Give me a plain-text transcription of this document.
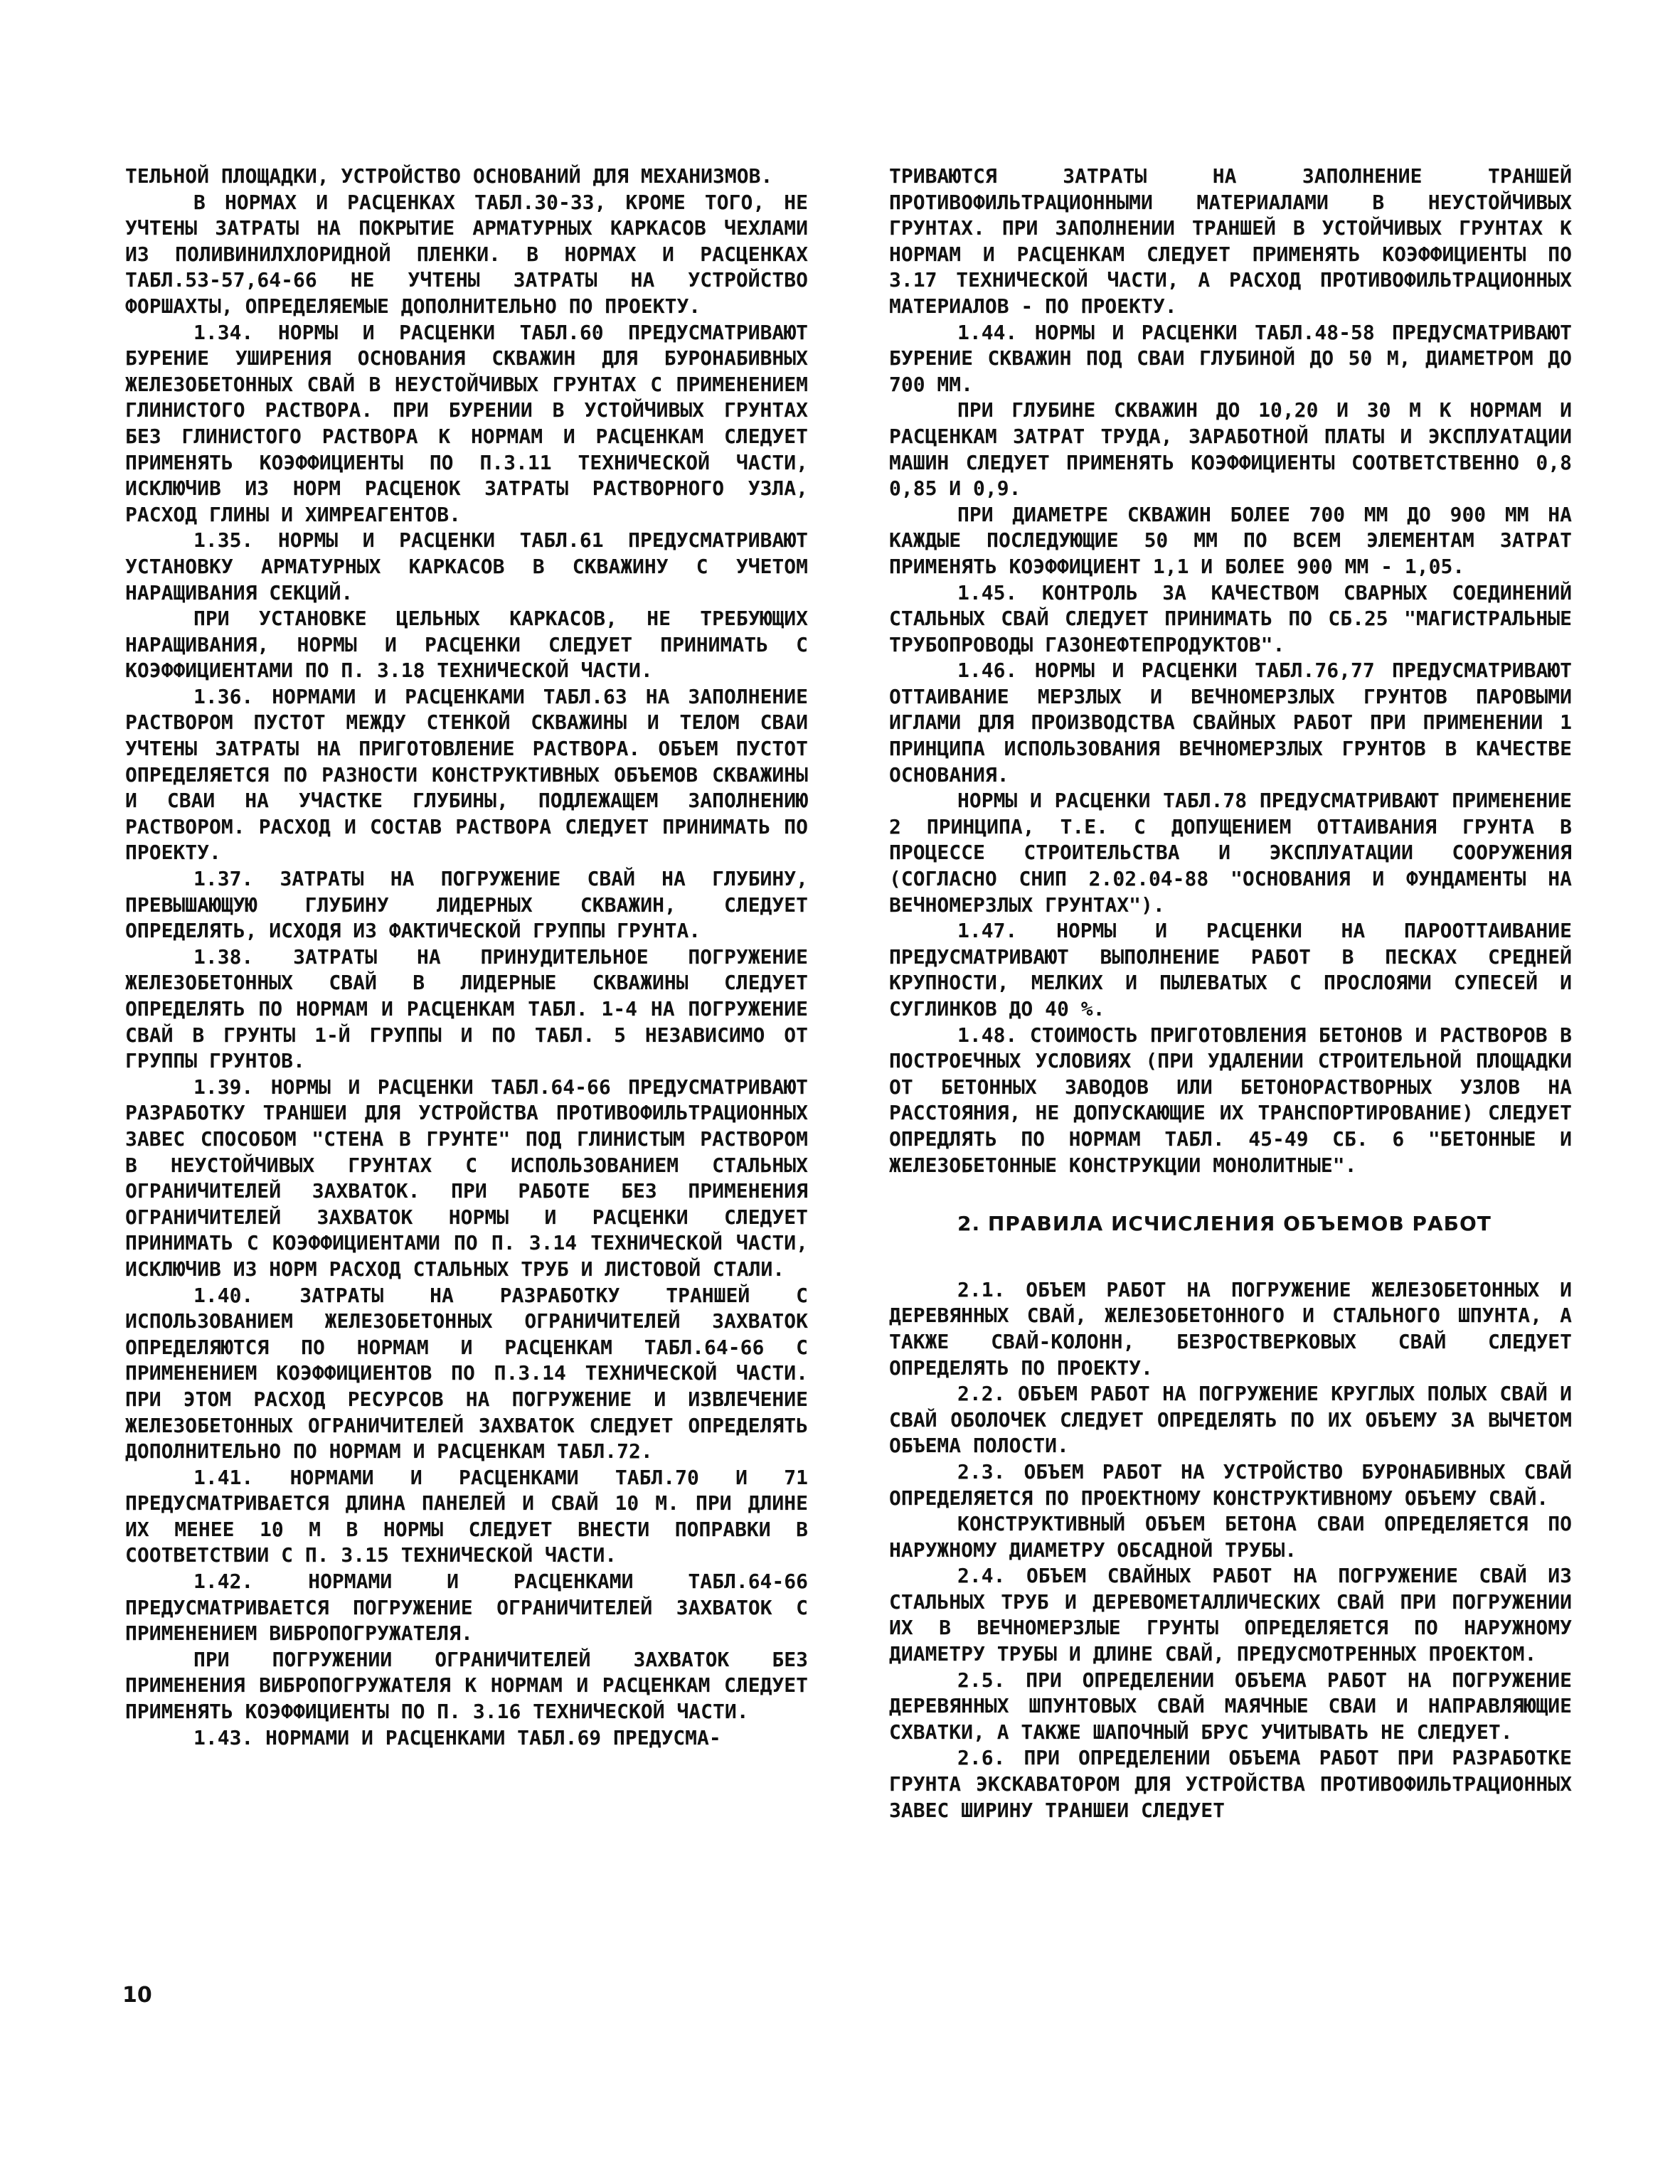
ТЕЛЬНОЙ ПЛОЩАДКИ, УСТРОЙСТВО ОСНОВАНИЙ ДЛЯ МЕХАНИЗМОВ.

В НОРМАХ И РАСЦЕНКАХ ТАБЛ.30-33, КРОМЕ ТОГО, НЕ УЧТЕНЫ ЗАТРАТЫ НА ПОКРЫТИЕ АРМАТУРНЫХ КАРКАСОВ ЧЕХЛАМИ ИЗ ПОЛИВИНИЛХЛОРИДНОЙ ПЛЕНКИ. В НОРМАХ И РАСЦЕНКАХ ТАБЛ.53-57,64-66 НЕ УЧТЕНЫ ЗАТРАТЫ НА УСТРОЙСТВО ФОРШАХТЫ, ОПРЕДЕЛЯЕМЫЕ ДОПОЛНИТЕЛЬНО ПО ПРОЕКТУ.

1.34. НОРМЫ И РАСЦЕНКИ ТАБЛ.60 ПРЕДУСМАТРИВАЮТ БУРЕНИЕ УШИРЕНИЯ ОСНОВАНИЯ СКВАЖИН ДЛЯ БУРОНАБИВНЫХ ЖЕЛЕЗОБЕТОННЫХ СВАЙ В НЕУСТОЙЧИВЫХ ГРУНТАХ С ПРИМЕНЕНИЕМ ГЛИНИСТОГО РАСТВОРА. ПРИ БУРЕНИИ В УСТОЙЧИВЫХ ГРУНТАХ БЕЗ ГЛИНИСТОГО РАСТВОРА К НОРМАМ И РАСЦЕНКАМ СЛЕДУЕТ ПРИМЕНЯТЬ КОЭФФИЦИЕНТЫ ПО П.3.11 ТЕХНИЧЕСКОЙ ЧАСТИ, ИСКЛЮЧИВ ИЗ НОРМ РАСЦЕНОК ЗАТРАТЫ РАСТВОРНОГО УЗЛА, РАСХОД ГЛИНЫ И ХИМРЕАГЕНТОВ.

1.35. НОРМЫ И РАСЦЕНКИ ТАБЛ.61 ПРЕДУСМАТРИВАЮТ УСТАНОВКУ АРМАТУРНЫХ КАРКАСОВ В СКВАЖИНУ С УЧЕТОМ НАРАЩИВАНИЯ СЕКЦИЙ.

ПРИ УСТАНОВКЕ ЦЕЛЬНЫХ КАРКАСОВ, НЕ ТРЕБУЮЩИХ НАРАЩИВАНИЯ, НОРМЫ И РАСЦЕНКИ СЛЕДУЕТ ПРИНИМАТЬ С КОЭФФИЦИЕНТАМИ ПО П. 3.18 ТЕХНИЧЕСКОЙ ЧАСТИ.

1.36. НОРМАМИ И РАСЦЕНКАМИ ТАБЛ.63 НА ЗАПОЛНЕНИЕ РАСТВОРОМ ПУСТОТ МЕЖДУ СТЕНКОЙ СКВАЖИНЫ И ТЕЛОМ СВАИ УЧТЕНЫ ЗАТРАТЫ НА ПРИГОТОВЛЕНИЕ РАСТВОРА. ОБЪЕМ ПУСТОТ ОПРЕДЕЛЯЕТСЯ ПО РАЗНОСТИ КОНСТРУКТИВНЫХ ОБЪЕМОВ СКВАЖИНЫ И СВАИ НА УЧАСТКЕ ГЛУБИНЫ, ПОДЛЕЖАЩЕМ ЗАПОЛНЕНИЮ РАСТВОРОМ. РАСХОД И СОСТАВ РАСТВОРА СЛЕДУЕТ ПРИНИМАТЬ ПО ПРОЕКТУ.

1.37. ЗАТРАТЫ НА ПОГРУЖЕНИЕ СВАЙ НА ГЛУБИНУ, ПРЕВЫШАЮЩУЮ ГЛУБИНУ ЛИДЕРНЫХ СКВАЖИН, СЛЕДУЕТ ОПРЕДЕЛЯТЬ, ИСХОДЯ ИЗ ФАКТИЧЕСКОЙ ГРУППЫ ГРУНТА.

1.38. ЗАТРАТЫ НА ПРИНУДИТЕЛЬНОЕ ПОГРУЖЕНИЕ ЖЕЛЕЗОБЕТОННЫХ СВАЙ В ЛИДЕРНЫЕ СКВАЖИНЫ СЛЕДУЕТ ОПРЕДЕЛЯТЬ ПО НОРМАМ И РАСЦЕНКАМ ТАБЛ. 1-4 НА ПОГРУЖЕНИЕ СВАЙ В ГРУНТЫ 1-Й ГРУППЫ И ПО ТАБЛ. 5 НЕЗАВИСИМО ОТ ГРУППЫ ГРУНТОВ.

1.39. НОРМЫ И РАСЦЕНКИ ТАБЛ.64-66 ПРЕДУСМАТРИВАЮТ РАЗРАБОТКУ ТРАНШЕИ ДЛЯ УСТРОЙСТВА ПРОТИВОФИЛЬТРАЦИОННЫХ ЗАВЕС СПОСОБОМ "СТЕНА В ГРУНТЕ" ПОД ГЛИНИСТЫМ РАСТВОРОМ В НЕУСТОЙЧИВЫХ ГРУНТАХ С ИСПОЛЬЗОВАНИЕМ СТАЛЬНЫХ ОГРАНИЧИТЕЛЕЙ ЗАХВАТОК. ПРИ РАБОТЕ БЕЗ ПРИМЕНЕНИЯ ОГРАНИЧИТЕЛЕЙ ЗАХВАТОК НОРМЫ И РАСЦЕНКИ СЛЕДУЕТ ПРИНИМАТЬ С КОЭФФИЦИЕНТАМИ ПО П. 3.14 ТЕХНИЧЕСКОЙ ЧАСТИ, ИСКЛЮЧИВ ИЗ НОРМ РАСХОД СТАЛЬНЫХ ТРУБ И ЛИСТОВОЙ СТАЛИ.

1.40. ЗАТРАТЫ НА РАЗРАБОТКУ ТРАНШЕЙ С ИСПОЛЬЗОВАНИЕМ ЖЕЛЕЗОБЕТОННЫХ ОГРАНИЧИТЕЛЕЙ ЗАХВАТОК ОПРЕДЕЛЯЮТСЯ ПО НОРМАМ И РАСЦЕНКАМ ТАБЛ.64-66 С ПРИМЕНЕНИЕМ КОЭФФИЦИЕНТОВ ПО П.3.14 ТЕХНИЧЕСКОЙ ЧАСТИ. ПРИ ЭТОМ РАСХОД РЕСУРСОВ НА ПОГРУЖЕНИЕ И ИЗВЛЕЧЕНИЕ ЖЕЛЕЗОБЕТОННЫХ ОГРАНИЧИТЕЛЕЙ ЗАХВАТОК СЛЕДУЕТ ОПРЕДЕЛЯТЬ ДОПОЛНИТЕЛЬНО ПО НОРМАМ И РАСЦЕНКАМ ТАБЛ.72.

1.41. НОРМАМИ И РАСЦЕНКАМИ ТАБЛ.70 И 71 ПРЕДУСМАТРИВАЕТСЯ ДЛИНА ПАНЕЛЕЙ И СВАЙ 10 М. ПРИ ДЛИНЕ ИХ МЕНЕЕ 10 М В НОРМЫ СЛЕДУЕТ ВНЕСТИ ПОПРАВКИ В СООТВЕТСТВИИ С П. 3.15 ТЕХНИЧЕСКОЙ ЧАСТИ.

1.42.	НОРМАМИ И РАСЦЕНКАМИ ТАБЛ.64-66 ПРЕДУСМАТРИВАЕТСЯ ПОГРУЖЕНИЕ ОГРАНИЧИТЕЛЕЙ ЗАХВАТОК С ПРИМЕНЕНИЕМ ВИБРОПОГРУЖАТЕЛЯ.

ПРИ ПОГРУЖЕНИИ ОГРАНИЧИТЕЛЕЙ ЗАХВАТОК БЕЗ ПРИМЕНЕНИЯ ВИБРОПОГРУЖАТЕЛЯ К НОРМАМ И РАСЦЕНКАМ СЛЕДУЕТ ПРИМЕНЯТЬ КОЭФФИЦИЕНТЫ ПО П. 3.16 ТЕХНИЧЕСКОЙ ЧАСТИ.

1.43. НОРМАМИ И РАСЦЕНКАМИ ТАБЛ.69 ПРЕДУСМА-

ТРИВАЮТСЯ ЗАТРАТЫ НА ЗАПОЛНЕНИЕ ТРАНШЕЙ ПРОТИВОФИЛЬТРАЦИОННЫМИ МАТЕРИАЛАМИ В НЕУСТОЙЧИВЫХ ГРУНТАХ. ПРИ ЗАПОЛНЕНИИ ТРАНШЕЙ В УСТОЙЧИВЫХ ГРУНТАХ К НОРМАМ И РАСЦЕНКАМ СЛЕДУЕТ ПРИМЕНЯТЬ КОЭФФИЦИЕНТЫ ПО 3.17 ТЕХНИЧЕСКОЙ ЧАСТИ, А РАСХОД ПРОТИВОФИЛЬТРАЦИОННЫХ МАТЕРИАЛОВ - ПО ПРОЕКТУ.

1.44. НОРМЫ И РАСЦЕНКИ ТАБЛ.48-58 ПРЕДУСМАТРИВАЮТ БУРЕНИЕ СКВАЖИН ПОД СВАИ ГЛУБИНОЙ ДО 50 М, ДИАМЕТРОМ ДО 700 ММ.

ПРИ ГЛУБИНЕ СКВАЖИН ДО 10,20 И 30 М К НОРМАМ И РАСЦЕНКАМ ЗАТРАТ ТРУДА, ЗАРАБОТНОЙ ПЛАТЫ И ЭКСПЛУАТАЦИИ МАШИН СЛЕДУЕТ ПРИМЕНЯТЬ КОЭФФИЦИЕНТЫ СООТВЕТСТВЕННО 0,8 0,85 И 0,9.

ПРИ ДИАМЕТРЕ СКВАЖИН БОЛЕЕ 700 ММ ДО 900 ММ НА КАЖДЫЕ ПОСЛЕДУЮЩИЕ 50 ММ ПО ВСЕМ ЭЛЕМЕНТАМ ЗАТРАТ ПРИМЕНЯТЬ КОЭФФИЦИЕНТ 1,1 И БОЛЕЕ 900 ММ - 1,05.

1.45. КОНТРОЛЬ ЗА КАЧЕСТВОМ СВАРНЫХ СОЕДИНЕНИЙ СТАЛЬНЫХ СВАЙ СЛЕДУЕТ ПРИНИМАТЬ ПО СБ.25 "МАГИСТРАЛЬНЫЕ ТРУБОПРОВОДЫ ГАЗОНЕФТЕПРОДУКТОВ".

1.46. НОРМЫ И РАСЦЕНКИ ТАБЛ.76,77 ПРЕДУСМАТРИВАЮТ ОТТАИВАНИЕ МЕРЗЛЫХ И ВЕЧНОМЕРЗЛЫХ ГРУНТОВ ПАРОВЫМИ ИГЛАМИ ДЛЯ ПРОИЗВОДСТВА СВАЙНЫХ РАБОТ ПРИ ПРИМЕНЕНИИ 1 ПРИНЦИПА ИСПОЛЬЗОВАНИЯ ВЕЧНОМЕРЗЛЫХ ГРУНТОВ В КАЧЕСТВЕ ОСНОВАНИЯ.

НОРМЫ И РАСЦЕНКИ ТАБЛ.78 ПРЕДУСМАТРИВАЮТ ПРИМЕНЕНИЕ 2 ПРИНЦИПА, Т.Е. С ДОПУЩЕНИЕМ ОТТАИВАНИЯ ГРУНТА В ПРОЦЕССЕ СТРОИТЕЛЬСТВА И ЭКСПЛУАТАЦИИ СООРУЖЕНИЯ (СОГЛАСНО СНИП 2.02.04-88 "ОСНОВАНИЯ И ФУНДАМЕНТЫ НА ВЕЧНОМЕРЗЛЫХ ГРУНТАХ").

1.47. НОРМЫ И РАСЦЕНКИ НА ПАРООТТАИВАНИЕ ПРЕДУСМАТРИВАЮТ ВЫПОЛНЕНИЕ РАБОТ В ПЕСКАХ СРЕДНЕЙ КРУПНОСТИ, МЕЛКИХ И ПЫЛЕВАТЫХ С ПРОСЛОЯМИ СУПЕСЕЙ И СУГЛИНКОВ ДО 40 %.

1.48. СТОИМОСТЬ ПРИГОТОВЛЕНИЯ БЕТОНОВ И РАСТВОРОВ В ПОСТРОЕЧНЫХ УСЛОВИЯХ (ПРИ УДАЛЕНИИ СТРОИТЕЛЬНОЙ ПЛОЩАДКИ ОТ БЕТОННЫХ ЗАВОДОВ ИЛИ БЕТОНОРАСТВОРНЫХ УЗЛОВ НА РАССТОЯНИЯ, НЕ ДОПУСКАЮЩИЕ ИХ ТРАНСПОРТИРОВАНИЕ) СЛЕДУЕТ ОПРЕДЛЯТЬ ПО НОРМАМ ТАБЛ. 45-49 СБ. 6 "БЕТОННЫЕ И ЖЕЛЕЗОБЕТОННЫЕ КОНСТРУКЦИИ МОНОЛИТНЫЕ".

2. ПРАВИЛА ИСЧИСЛЕНИЯ ОБЪЕМОВ РАБОТ

2.1. ОБЪЕМ РАБОТ НА ПОГРУЖЕНИЕ ЖЕЛЕЗОБЕТОННЫХ И ДЕРЕВЯННЫХ СВАЙ, ЖЕЛЕЗОБЕТОННОГО И СТАЛЬНОГО ШПУНТА, А ТАКЖЕ СВАЙ-КОЛОНН, БЕЗРОСТВЕРКОВЫХ СВАЙ СЛЕДУЕТ ОПРЕДЕЛЯТЬ ПО ПРОЕКТУ.

2.2. ОБЪЕМ РАБОТ НА ПОГРУЖЕНИЕ КРУГЛЫХ ПОЛЫХ СВАЙ И СВАЙ ОБОЛОЧЕК СЛЕДУЕТ ОПРЕДЕЛЯТЬ ПО ИХ ОБЪЕМУ ЗА ВЫЧЕТОМ ОБЪЕМА ПОЛОСТИ.

2.3. ОБЪЕМ РАБОТ НА УСТРОЙСТВО БУРОНАБИВНЫХ СВАЙ ОПРЕДЕЛЯЕТСЯ ПО ПРОЕКТНОМУ КОНСТРУКТИВНОМУ ОБЪЕМУ СВАЙ.

КОНСТРУКТИВНЫЙ ОБЪЕМ БЕТОНА СВАИ ОПРЕДЕЛЯЕТСЯ ПО НАРУЖНОМУ ДИАМЕТРУ ОБСАДНОЙ ТРУБЫ.

2.4. ОБЪЕМ СВАЙНЫХ РАБОТ НА ПОГРУЖЕНИЕ СВАЙ ИЗ СТАЛЬНЫХ ТРУБ И ДЕРЕВОМЕТАЛЛИЧЕСКИХ СВАЙ ПРИ ПОГРУЖЕНИИ ИХ В ВЕЧНОМЕРЗЛЫЕ ГРУНТЫ ОПРЕДЕЛЯЕТСЯ ПО НАРУЖНОМУ ДИАМЕТРУ ТРУБЫ И ДЛИНЕ СВАЙ, ПРЕДУСМОТРЕННЫХ ПРОЕКТОМ.

2.5. ПРИ ОПРЕДЕЛЕНИИ ОБЪЕМА РАБОТ НА ПОГРУЖЕНИЕ ДЕРЕВЯННЫХ ШПУНТОВЫХ СВАЙ МАЯЧНЫЕ СВАИ И НАПРАВЛЯЮЩИЕ СХВАТКИ, А ТАКЖЕ ШАПОЧНЫЙ БРУС УЧИТЫВАТЬ НЕ СЛЕДУЕТ.

2.6. ПРИ ОПРЕДЕЛЕНИИ ОБЪЕМА РАБОТ ПРИ РАЗРАБОТКЕ ГРУНТА ЭКСКАВАТОРОМ ДЛЯ УСТРОЙСТВА ПРОТИВОФИЛЬТРАЦИОННЫХ ЗАВЕС ШИРИНУ ТРАНШЕИ СЛЕДУЕТ

10
